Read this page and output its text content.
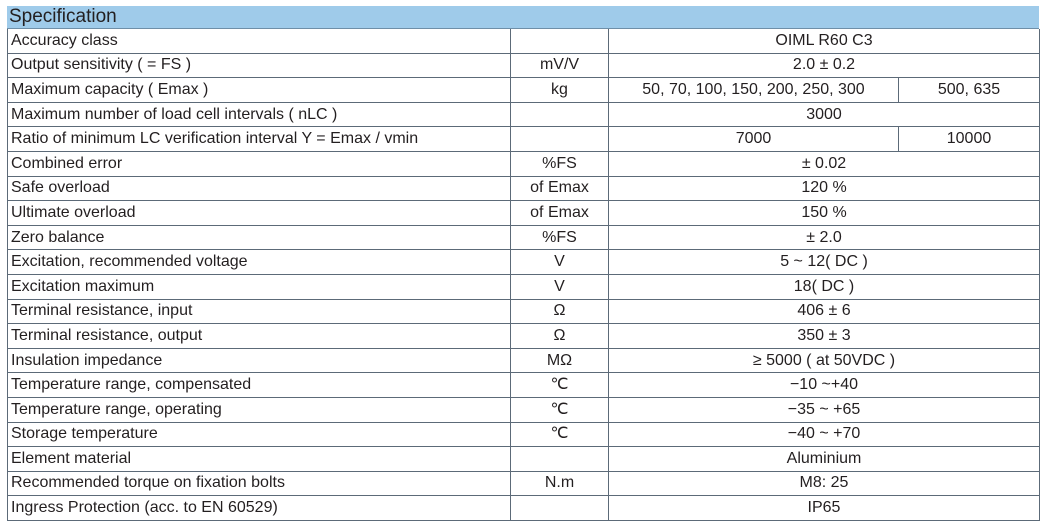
Specification
Accuracy class		OIML R60 C3	
Output sensitivity ( = FS )	mV/V	2.0 ± 0.2	
Maximum capacity ( Emax )	kg	50, 70, 100, 150, 200, 250, 300	500, 635
Maximum number of load cell intervals ( nLC )		3000	
Ratio of minimum LC verification interval Y = Emax / vmin		7000	10000
Combined error	%FS	± 0.02	
Safe overload	of Emax	120 %	
Ultimate overload	of Emax	150 %	
Zero balance	%FS	± 2.0	
Excitation, recommended voltage	V	5 ~ 12( DC )	
Excitation maximum	V	18( DC )	
Terminal resistance, input	Ω	406 ± 6	
Terminal resistance, output	Ω	350 ± 3	
Insulation impedance	MΩ	≥ 5000 ( at 50VDC )	
Temperature range, compensated	℃	−10 ~+40	
Temperature range, operating	℃	−35 ~ +65	
Storage temperature	℃	−40 ~ +70	
Element material		Aluminium	
Recommended torque on fixation bolts	N.m	M8: 25	
Ingress Protection (acc. to EN 60529)		IP65	
